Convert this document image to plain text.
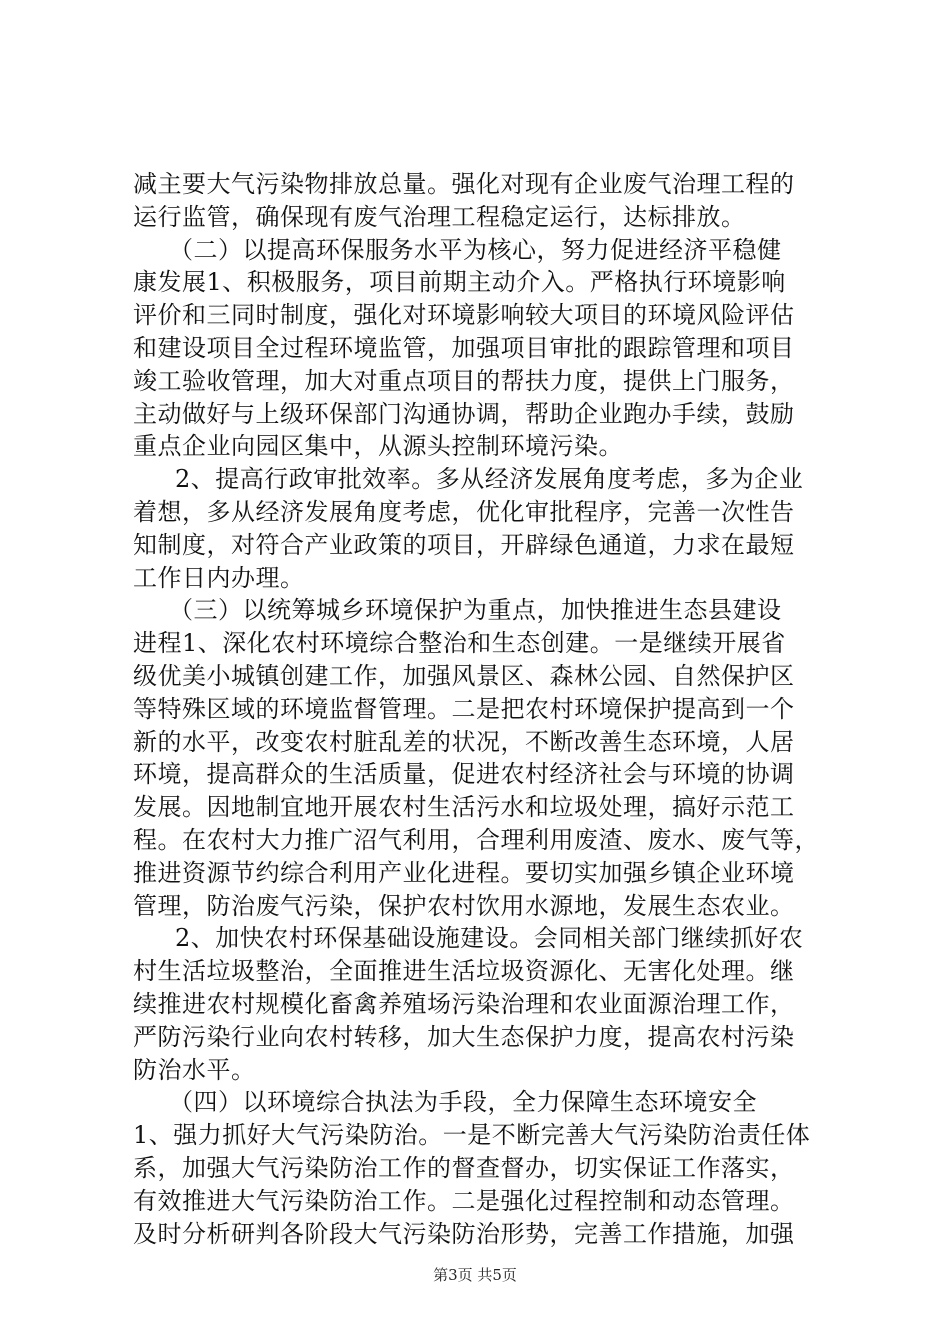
减主要大气污染物排放总量。强化对现有企业废气治理工程的
运行监管，确保现有废气治理工程稳定运行，达标排放。
（二）以提高环保服务水平为核心，努力促进经济平稳健
康发展1、积极服务，项目前期主动介入。严格执行环境影响
评价和三同时制度，强化对环境影响较大项目的环境风险评估
和建设项目全过程环境监管，加强项目审批的跟踪管理和项目
竣工验收管理，加大对重点项目的帮扶力度，提供上门服务，
主动做好与上级环保部门沟通协调，帮助企业跑办手续，鼓励
重点企业向园区集中，从源头控制环境污染。
2、提高行政审批效率。多从经济发展角度考虑，多为企业
着想，多从经济发展角度考虑，优化审批程序，完善一次性告
知制度，对符合产业政策的项目，开辟绿色通道，力求在最短
工作日内办理。
（三）以统筹城乡环境保护为重点，加快推进生态县建设
进程1、深化农村环境综合整治和生态创建。一是继续开展省
级优美小城镇创建工作，加强风景区、森林公园、自然保护区
等特殊区域的环境监督管理。二是把农村环境保护提高到一个
新的水平，改变农村脏乱差的状况，不断改善生态环境，人居
环境，提高群众的生活质量，促进农村经济社会与环境的协调
发展。因地制宜地开展农村生活污水和垃圾处理，搞好示范工
程。在农村大力推广沼气利用，合理利用废渣、废水、废气等，
推进资源节约综合利用产业化进程。要切实加强乡镇企业环境
管理，防治废气污染，保护农村饮用水源地，发展生态农业。
2、加快农村环保基础设施建设。会同相关部门继续抓好农
村生活垃圾整治，全面推进生活垃圾资源化、无害化处理。继
续推进农村规模化畜禽养殖场污染治理和农业面源治理工作，
严防污染行业向农村转移，加大生态保护力度，提高农村污染
防治水平。
（四）以环境综合执法为手段，全力保障生态环境安全
1、强力抓好大气污染防治。一是不断完善大气污染防治责任体
系，加强大气污染防治工作的督查督办，切实保证工作落实，
有效推进大气污染防治工作。二是强化过程控制和动态管理。
及时分析研判各阶段大气污染防治形势，完善工作措施，加强
第3页 共5页
